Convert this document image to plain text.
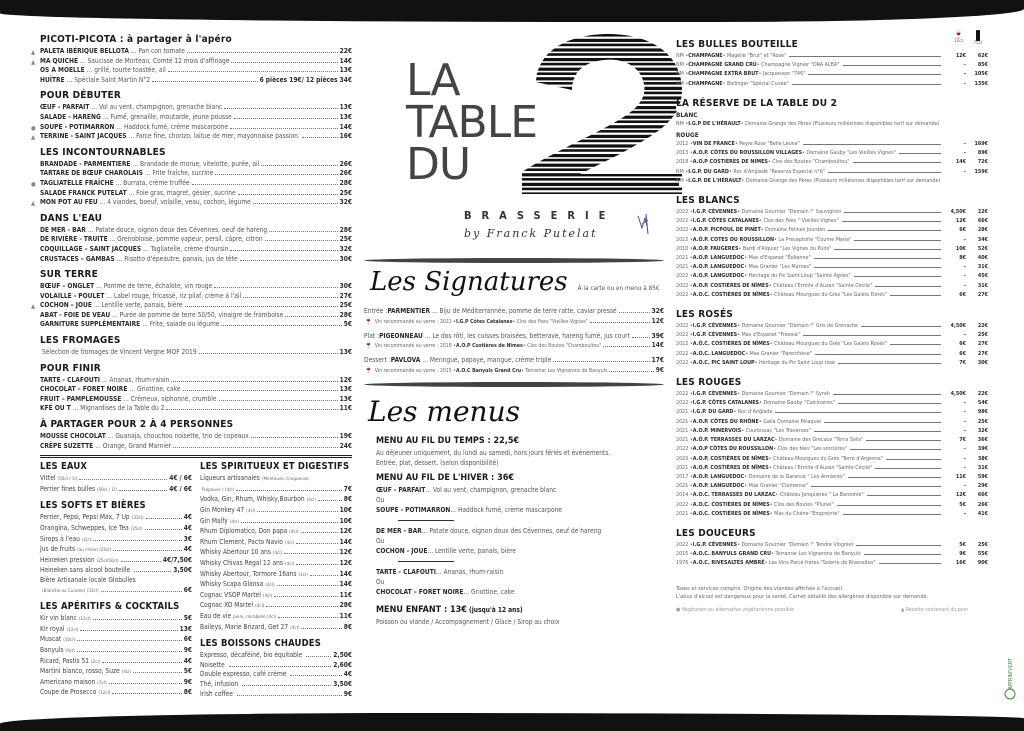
PICOTI-PICOTA : à partager à l'apéro
▲ PALETA IBÉRIQUE BELLOTA ... Pan con tomate	22€
▲ MA QUICHE ... Saucisse de Morteau, Comté 12 mois d'affinage	14€
OS A MOELLE ... grillé, tourte toastée, ail	13€
HUÎTRE ... Spéciale Saint Martin N°2	6 pièces 19€/ 12 pièces 34€
POUR DÉBUTER
ŒUF - PARFAIT ... Vol au vent, champignon, grenache blanc	13€
SALADE - HARENG ... Fumé, grenaille, moutarde, jeune pousse	13€
● SOUPE - POTIMARRON ... Haddock fumé, crème mascarpone	14€
▲ TERRINE - SAINT JACQUES ... Farce fine, chorizo, laitue de mer, mayonnaise passion.	16€
LES INCONTOURNABLES
BRANDADE - PARMENTIERE ... Brandade de morue, vitelotte, purée, ail	26€
TARTARE DE BŒUF CHAROLAIS ... Frite fraîche, sucrine	26€
● TAGLIATELLE FRAÎCHE ... Burrata, crème truffée	28€
SALADE FRANCK PUTELAT ... Foie gras, magret, gésier, sucrine	25€
▲ MON POT AU FEU ... 4 viandes, boeuf, volaille, veau, cochon, légume	32€
DANS L'EAU
DE MER - BAR ... Patate douce, oignon doux des Cévennes, oeuf de hareng	28€
DE RIVIÈRE - TRUITE ... Grenobloise, pomme vapeur, persil, câpre, citron	25€
COQUILLAGE – SAINT JACQUES ... Tagliatelle, crème d'oursin	32€
CRUSTACES – GAMBAS ... Risotto d'épeautre, panais, jus de tête	30€
SUR TERRE
BŒUF – ONGLET ... Pomme de terre, échalote, vin rouge	30€
VOLAILLE - POULET ... Label rouge, fricassé, riz pilaf, crème à l'ail	27€
▲ COCHON – JOUE ... Lentille verte, panais, bière	25€
ABAT - FOIE DE VEAU ... Purée de pomme de terre 50/50, vinaigre de framboise	28€
GARNITURE SUPPLÉMENTAIRE ... Frite, salade ou légume	5€
LES FROMAGES
Sélection de fromages de Vincent Vergne MOF 2019	13€
POUR FINIR
TARTE - CLAFOUTI ... Ananas, rhum-raisin	12€
CHOCOLAT – FORET NOIRE ... Griottine, cake	13€
FRUIT – PAMPLEMOUSSE ... Crémeux, siphonné, crumble	13€
KFÉ OU T ... Mignardises de la Table du 2	11€
À PARTAGER POUR 2 À 4 PERSONNES
MOUSSE CHOCOLAT ... Guanaja, chouchou noisette, trio de copeaux	19€
CRÊPE SUZETTE ... Orange, Grand Marnier	24€
LES EAUX
Vittel (50cl / 1l)	4€ / 6€
Perrier fines bulles (50cl / 1l)	4€ / 6€
LES SOFTS ET BIÈRES
Perrier, Pepsi, Pepsi Max, 7 Up (33cl)	4€
Orangina, Schweppes, Ice Tea (25cl)	4€
Sirops à l'eau (2cl)	3€
Jus de fruits (au choix) (25cl)	4€
Heineken pression (25cl/50cl)	4€/7,50€
Heineken sans alcool bouteille	3,50€
Bière Artisanale locale Globulles
(Blanche ou Cuivrée) (33cl)	6€
LES APÉRITIFS & COCKTAILS
Kir vin blanc (12cl)	5€
Kir royal (12cl)	13€
Muscat (10cl)	6€
Banyuls (9cl)	9€
Ricard, Pastis 51 (2cl)	4€
Martini bianco, rosso, Suze (4cl)	5€
Americano maison (7cl)	9€
Coupe de Prosecco (12cl)	8€
LES SPIRITUEUX ET DIGESTIFS
Liqueurs artisanales (Menteuse, Croqueuse,
Pulpeuse ) (4cl)	7€
Vodka, Gin, Rhum, Whisky,Bourbon (4cl)	8€
Gin Monkey 47 (4cl)	10€
Gin Malfy (4cl)	10€
Rhum Diplomatico, Don papa (4cl)	12€
Rhum Clement, Pacto Navio (4cl)	14€
Whisky Abertour 10 ans (4cl)	12€
Whisky Chivas Regal 12 ans (4cl)	12€
Whisky Abertour, Tormore 16ans (4cl)	14€
Whisky Scapa Glansa (4cl)	14€
Cognac VSOP Martel (4cl)	11€
Cognac XO Martel (4cl)	28€
Eau de vie poire, mirabelle (4cl)	11€
Baileys, Marie Brizard, Get 27 (4cl)	8€
LES BOISSONS CHAUDES
Expresso, décaféiné, bio équitable	2,50€
Noisette	2,60€
Double expresso, café crème	4€
Thé, infusion	3,50€
Irish coffee	9€
LA
TABLE
DU
BRASSERIE
by Franck Putelat
Les Signatures À la carte ou en menu à 85€
Entrée : PARMENTIER ... Biju de Méditerrannée, pomme de terre ratte, caviar pressé	32€
🍷 Vin recommandé au verre : 2022 • I.G.P Côtes Catalanes • Clos des Fées "Vieilles Vignes"	12€
Plat : PIGEONNEAU ... Le dos rôti, les cuisses braisées, betterave, hareng fumé, jus court	39€
🍷 Vin recommandé au verre : 2018 • A.O.P Costières de Nîmes • Clos des Boutes "Chamboultou"	14€
Dessert : PAVLOVA ... Meringue, papaye, mangue, crème triple	17€
🍷 Vin recommandé au verre : 2015 • A.O.C Banyuls Grand Cru • Terramar Les Vignerons de Banyuls	9€
Les menus
MENU AU FIL DU TEMPS : 22,5€
Au déjeuner uniquement, du lundi au samedi, hors jours fériés et évènements.
Entrée, plat, dessert. (selon disponibilité)
MENU AU FIL DE L'HIVER : 36€
ŒUF - PARFAIT... Vol au vent, champignon, grenache blanc
Ou
SOUPE - POTIMARRON... Haddock fumé, crème mascarpone
DE MER - BAR... Patate douce, oignon doux des Cévennes, oeuf de hareng
Ou
COCHON - JOUE... Lentille verte, panais, bière
TARTE - CLAFOUTI... Ananas, rhum-raisin
Ou
CHOCOLAT – FORET NOIRE... Griottine, cake
MENU ENFANT : 13€ (jusqu'à 12 ans)
Poisson ou viande / Accompagnement / Glace / Sirop au choix
🍷
12cl 75cl
LES BULLES BOUTEILLE
NM • CHAMPAGNE • Magélie "Brut" et "Rosé"	12€	62€
NM • CHAMPAGNE GRAND CRU • Champagne Vignier "ORA ALBA"	–	85€
NM • CHAMPAGNE EXTRA BRUT • Jacquesson "746"	–	105€
NM • CHAMPAGNE • Bollinger "Spécial Cuvée"	–	135€
LA RÉSERVE DE LA TABLE DU 2
BLANC
NM • I.G.P DE L'HÉRAULT • Domaine Grange des Pères (Plusieurs millésimes disponibles tarif sur demande)
ROUGE
2012 • VIN DE FRANCE • Peyre Rose "Belle Léone"	–	169€
2013 • A.O.P. CÔTES DU ROUSSILLON VILLAGES • Domaine Gauby "Les Vieilles Vignes"	–	89€
2018 • A.O.P COSTIERES DE NIMES • Clos des Boutes "Chamboultou"	14€	72€
NM • I.G.P. DU GARD • Roc d'Anglade "Reserva Especial n°6"	–	159€
NM • I.G.P. DE L'HÉRAULT • Domaine Grange des Pères (Plusieurs millésimes disponibles tarif sur demande)
LES BLANCS
2022 • I.G.P. CÉVENNES • Domaine Gournier "Demain !" Sauvignon	4,50€	22€
2022 • I.G.P. CÔTES CATALANES • Clos des Fées " Vieilles Vignes"	12€	66€
2022 • A.O.P. PICPOUL DE PINET • Domaine Félines Jourdan	6€	28€
2022 • A.O.P. COTES DU ROUSSILLON • La Preceptorie "Coume Marie"	–	34€
2010 • A.O.P. FAUGERES • Bardi d'Alquier "Les Vignes du Puits"	10€	52€
2021 • A.O.P. LANGUEDOC • Mas d'Espanet "Éolienne"	8€	40€
2021 • A.O.P. LANGUEDOC • Mas Granier "Les Marnes"	–	31€
2022 • A.O.P. LANGUEDOC • Héritage du Pic Saint Loup "Sainte Agnès"	–	45€
2022 • A.O.P. COSTIÈRES DE NÎMES • Château l'Ermite d'Auzan "Sainte Cécile"	–	31€
2022 • A.O.C. COSTIÈRES DE NÎMES • Château Mourgues du Grès "Les Galets Dorés"	6€	27€
LES ROSÉS
2022 • I.G.P. CÉVENNES • Domaine Gournier "Demain !" Gris de Grenache	4,50€	22€
2022 • I.G.P. CÉVENNES • Mas d'Espanet "Freesia"	–	25€
2022 • A.O.C. COSTIÈRES DE NÎMES • Château Mourgues du Grès "Les Galets Rosés"	6€	27€
2022 • A.O.C. LANGUEDOC • Mas Granier "Parenthèse"	6€	27€
2022 • A.O.C. PIC SAINT LOUP • Héritage du Pic Saint Loup rosé	7€	30€
LES ROUGES
2022 • I.G.P. CÉVENNES • Domaine Gournier "Demain !" Syrah	4,50€	22€
2022 • I.G.P. CÔTES CATALANES • Domaine Gauby "Calcinaires"	–	54€
2021 • I.G.P. DU GARD • Roc d'Anglade	–	98€
2021 • A.O.P. CÔTES DU RHÔNE • Galia Domaine Pelaquie	–	25€
2021 • A.O.P. MINERVOIS • Courbissac "Les Traverses"	–	32€
2021 • A.O.P. TERRASSES DU LARZAC • Domaine des Grecaux "Terra Solis"	7€	36€
2022 • A.O.P CÔTES DU ROUSSILLON • Clos des fées "Les sorcières"	–	39€
2020 • A.O.P. COSTIÈRES DE NÎMES • Château Mourgues du Grès "Terre d'Argence"	–	38€
2021 • A.O.P. COSTIÈRES DE NÎMES • Château l'Ermite d'Auzan "Sainte Cécile"	–	31€
2017 • A.O.P. LANGUEDOC • Domaine de la Garance " Les Armieres"	11€	59€
2021 • A.O.P. LANGUEDOC • Mas Granier "Clémence"	–	29€
2014 • A.O.C. TERRASSES DU LARZAC • Château Jonquières " La Baronnie"	12€	66€
2022 • A.O.C. COSTIÈRES DE NÎMES • Clos des Boutes "Pluriel"	5€	26€
2021 • A.O.C. COSTIÈRES DE NÎMES • Mas du Chêne "Empreinte"	–	41€
LES DOUCEURS
2022 • I.G.P. CÉVENNES • Domaine Gournier "Demain !" Tendre Viognier	5€	25€
2015 • A.O.C. BANYULS GRAND CRU • Terramar Les Vignerons de Banyuls	9€	55€
1976 • A.O.C. RIVESALTES AMBRÉ • Les Vins Parcé frères "Soierie de Rivesaltes"	16€	90€
Taxes et services compris. Origine des viandes affichée à l'accueil.
L'abus d'alcool est dangereux pour la santé. Carnet détaillé des allergènes disponible sur demande.
● Végétarien ou alternative végétarienne possible	▲ Recette contenant du porc
IMPRIM'VERT
